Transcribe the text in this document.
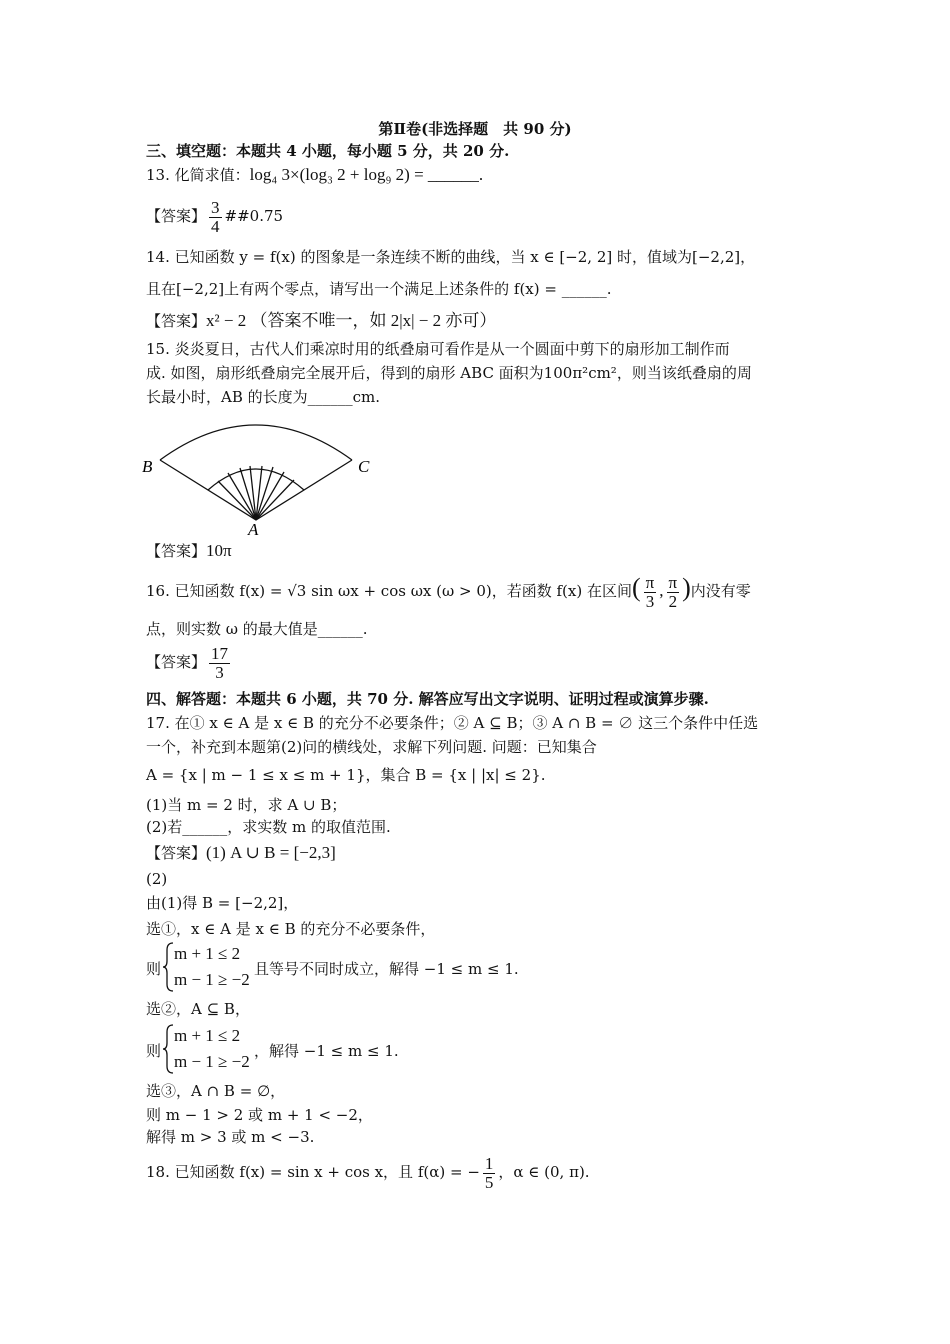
第Ⅱ卷(非选择题　共 90 分)
三、填空题：本题共 4 小题，每小题 5 分，共 20 分.
13. 化简求值：log₄ 3×(log₃ 2 + log₉ 2) = ______.
【答案】 $\frac{3}{4}$ ##0.75
14. 已知函数 y = f(x) 的图象是一条连续不断的曲线，当 x ∈ [−2, 2] 时，值域为[−2,2]，
且在[−2,2]上有两个零点，请写出一个满足上述条件的 f(x) = ______.
【答案】x² − 2 （答案不唯一，如 2|x| − 2 亦可）
15. 炎炎夏日，古代人们乘凉时用的纸叠扇可看作是从一个圆面中剪下的扇形加工制作而
成. 如图，扇形纸叠扇完全展开后，得到的扇形 ABC 面积为100π²cm²，则当该纸叠扇的周
长最小时，AB 的长度为______cm.
B	C
A
【答案】10π
16. 已知函数 f(x) = √3 sin ωx + cos ωx (ω > 0)，若函数 f(x) 在区间( $\frac{\pi}{3}$ , $\frac{\pi}{2}$ )内没有零
点，则实数 ω 的最大值是______.
【答案】 $\frac{17}{3}$
四、解答题：本题共 6 小题，共 70 分. 解答应写出文字说明、证明过程或演算步骤.
17. 在① x ∈ A 是 x ∈ B 的充分不必要条件；② A ⊆ B；③ A ∩ B = ∅ 这三个条件中任选
一个，补充到本题第(2)问的横线处，求解下列问题. 问题：已知集合
A = {x | m − 1 ≤ x ≤ m + 1}，集合 B = {x | |x| ≤ 2}.
(1)当 m = 2 时，求 A ∪ B；
(2)若______，求实数 m 的取值范围.
【答案】(1) A ∪ B = [−2,3]
(2)
由(1)得 B = [−2,2]，
选①，x ∈ A 是 x ∈ B 的充分不必要条件，
则
m + 1 ≤ 2
m − 1 ≥ −2
且等号不同时成立，解得 −1 ≤ m ≤ 1.
选②，A ⊆ B，
则
m + 1 ≤ 2
m − 1 ≥ −2
，解得 −1 ≤ m ≤ 1.
选③，A ∩ B = ∅，
则 m − 1 > 2 或 m + 1 < −2，
解得 m > 3 或 m < −3.
18. 已知函数 f(x) = sin x + cos x，且 f(α) = − $\frac{1}{5}$ ，α ∈ (0, π).
